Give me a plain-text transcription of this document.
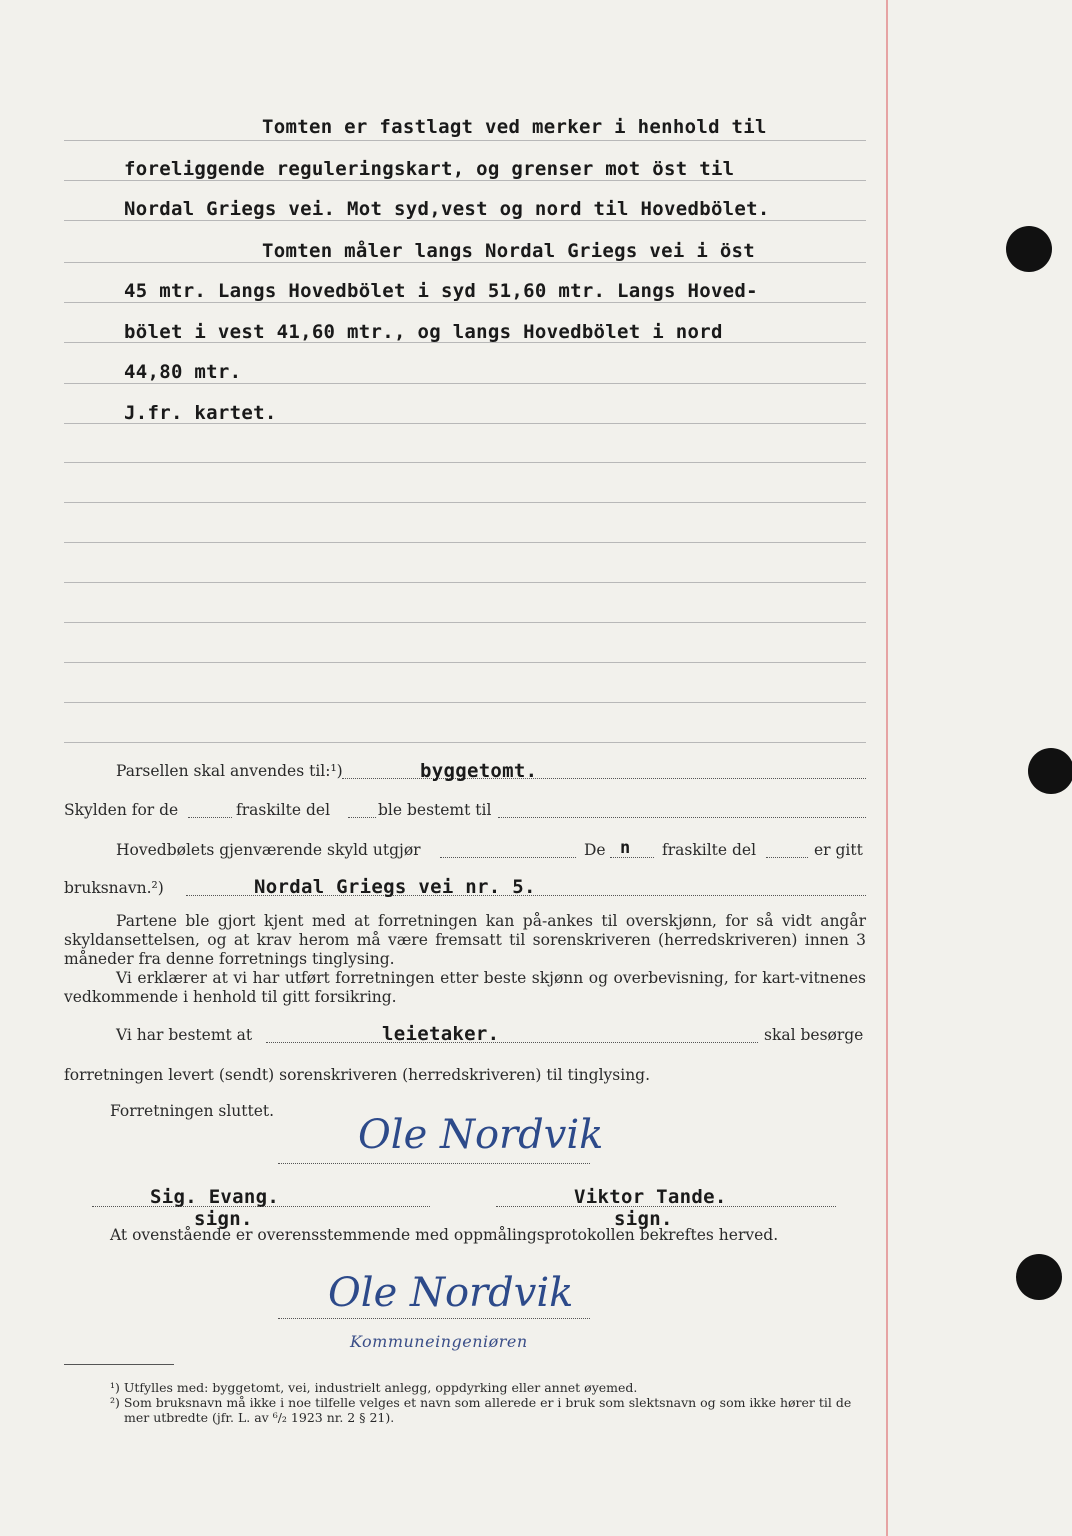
Tomten er fastlagt ved merker i henhold til
foreliggende reguleringskart, og grenser mot öst til
Nordal Griegs vei. Mot syd,vest og nord til Hovedbölet.
Tomten måler langs Nordal Griegs vei i öst
45 mtr. Langs Hovedbölet i syd 51,60 mtr. Langs Hoved-
bölet i vest 41,60 mtr., og langs Hovedbölet i nord
44,80 mtr.
J.fr. kartet.
Parsellen skal anvendes til:¹)	byggetomt.
Skylden for de	fraskilte del	ble bestemt til
Hovedbølets gjenværende skyld utgjør	De n fraskilte del	er gitt
bruksnavn.²)	Nordal Griegs vei nr. 5.

Partene ble gjort kjent med at forretningen kan på-ankes til overskjønn, for så vidt angår skyldansettelsen, og at krav herom må være fremsatt til sorenskriveren (herredskriveren) innen 3 måneder fra denne forretnings tinglysing.

Vi erklærer at vi har utført forretningen etter beste skjønn og overbevisning, for kart-vitnenes vedkommende i henhold til gitt forsikring.

Vi har bestemt at	leietaker.	skal besørge
forretningen levert (sendt) sorenskriveren (herredskriveren) til tinglysing.
Forretningen sluttet.
Ole Nordvik
Sig. Evang.
sign.
Viktor Tande.
sign.
At ovenstående er overensstemmende med oppmålingsprotokollen bekreftes herved.
Ole Nordvik
Kommuneingeniøren

¹) Utfylles med: byggetomt, vei, industrielt anlegg, oppdyrking eller annet øyemed.

²) Som bruksnavn må ikke i noe tilfelle velges et navn som allerede er i bruk som slektsnavn og som ikke hører til de mer utbredte (jfr. L. av ⁶/₂ 1923 nr. 2 § 21).
